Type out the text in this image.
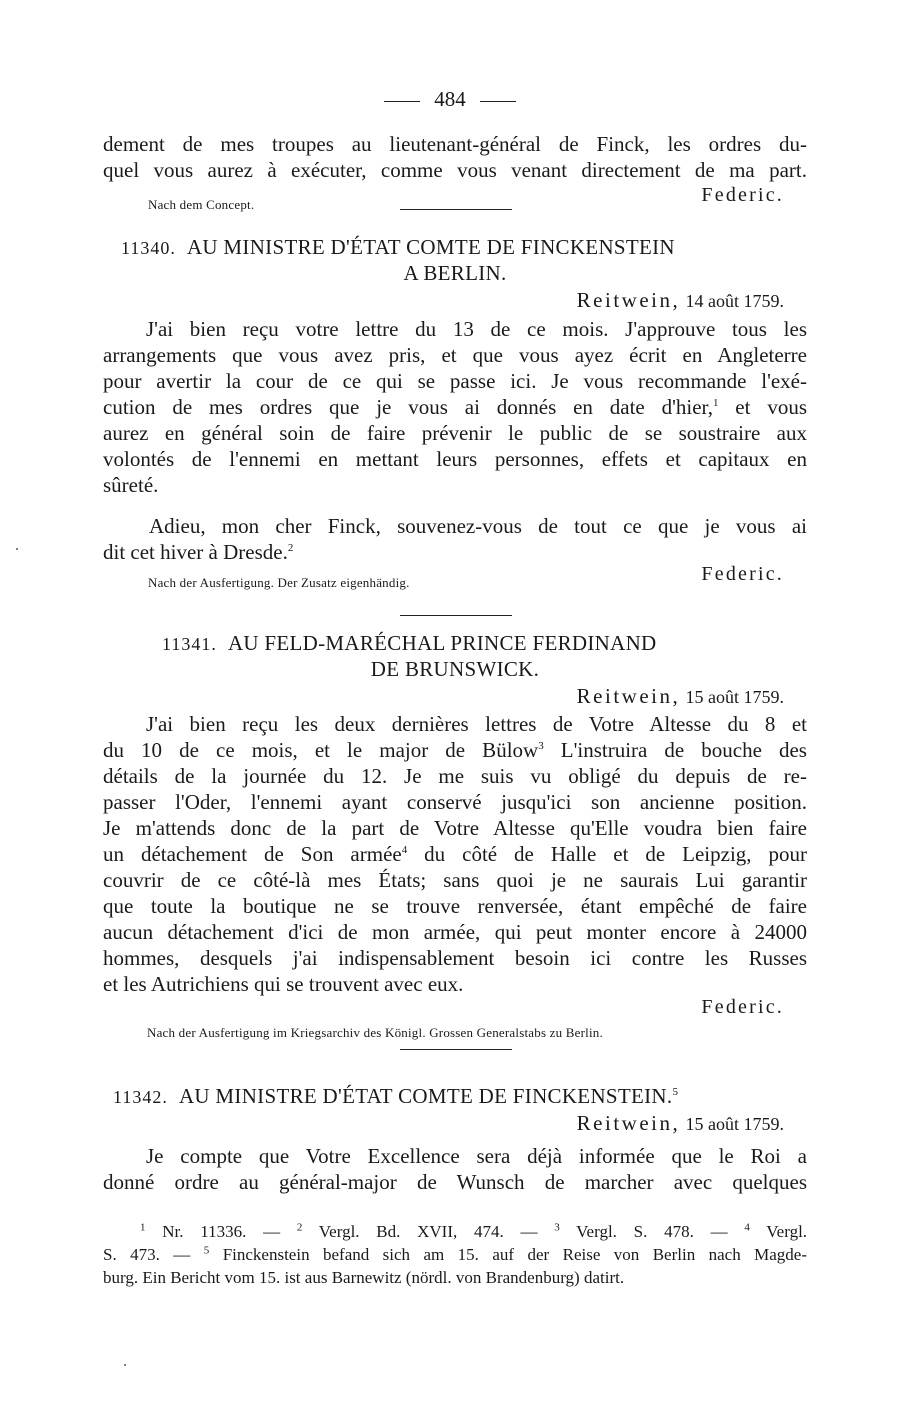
484
dement de mes troupes au lieutenant-général de Finck, les ordres du-
quel vous aurez à exécuter, comme vous venant directement de ma part.
Nach dem Concept.	Federic.
11340. AU MINISTRE D'ÉTAT COMTE DE FINCKENSTEIN
A BERLIN.
Reitwein, 14 août 1759.
J'ai bien reçu votre lettre du 13 de ce mois. J'approuve tous les
arrangements que vous avez pris, et que vous ayez écrit en Angleterre
pour avertir la cour de ce qui se passe ici. Je vous recommande l'exé-
cution de mes ordres que je vous ai donnés en date d'hier,$^1$ et vous
aurez en général soin de faire prévenir le public de se soustraire aux
volontés de l'ennemi en mettant leurs personnes, effets et capitaux en
sûreté.
Adieu, mon cher Finck, souvenez-vous de tout ce que je vous ai
dit cet hiver à Dresde.$^2$
Nach der Ausfertigung. Der Zusatz eigenhändig.	Federic.
11341. AU FELD-MARÉCHAL PRINCE FERDINAND
DE BRUNSWICK.
Reitwein, 15 août 1759.
J'ai bien reçu les deux dernières lettres de Votre Altesse du 8 et
du 10 de ce mois, et le major de Bülow$^3$ L'instruira de bouche des
détails de la journée du 12. Je me suis vu obligé du depuis de re-
passer l'Oder, l'ennemi ayant conservé jusqu'ici son ancienne position.
Je m'attends donc de la part de Votre Altesse qu'Elle voudra bien faire
un détachement de Son armée$^4$ du côté de Halle et de Leipzig, pour
couvrir de ce côté-là mes États; sans quoi je ne saurais Lui garantir
que toute la boutique ne se trouve renversée, étant empêché de faire
aucun détachement d'ici de mon armée, qui peut monter encore à 24000
hommes, desquels j'ai indispensablement besoin ici contre les Russes
et les Autrichiens qui se trouvent avec eux.
Federic.
Nach der Ausfertigung im Kriegsarchiv des Königl. Grossen Generalstabs zu Berlin.
11342. AU MINISTRE D'ÉTAT COMTE DE FINCKENSTEIN.$^5$
Reitwein, 15 août 1759.
Je compte que Votre Excellence sera déjà informée que le Roi a
donné ordre au général-major de Wunsch de marcher avec quelques
$^1$ Nr. 11336. — $^2$ Vergl. Bd. XVII, 474. — $^3$ Vergl. S. 478. — $^4$ Vergl.
S. 473. — $^5$ Finckenstein befand sich am 15. auf der Reise von Berlin nach Magde-
burg. Ein Bericht vom 15. ist aus Barnewitz (nördl. von Brandenburg) datirt.
